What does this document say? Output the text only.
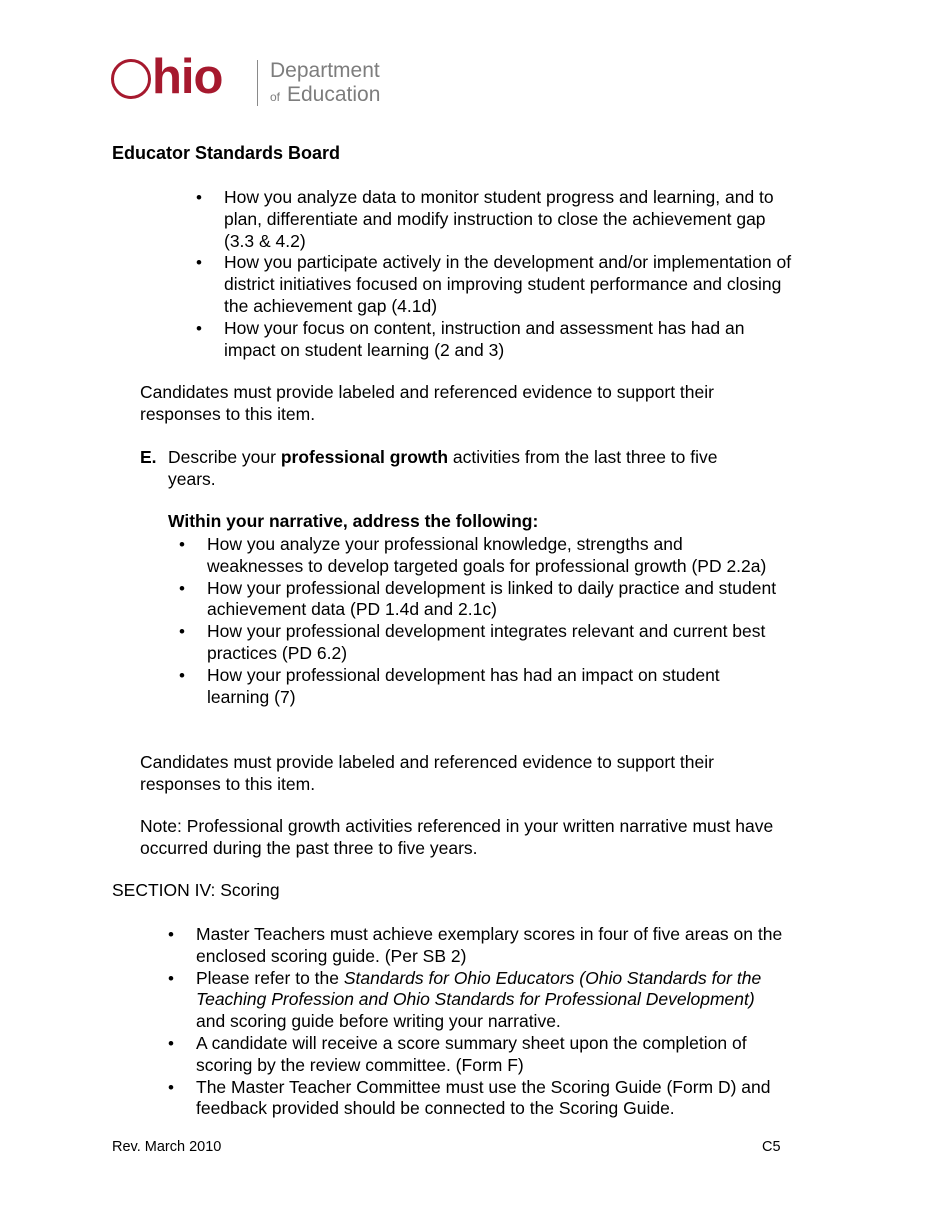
hio Department
of Education
Educator Standards Board
• How you analyze data to monitor student progress and learning, and to plan, differentiate and modify instruction to close the achievement gap (3.3 & 4.2)
• How you participate actively in the development and/or implementation of district initiatives focused on improving student performance and closing the achievement gap (4.1d)
• How your focus on content, instruction and assessment has had an impact on student learning (2 and 3)
Candidates must provide labeled and referenced evidence to support their responses to this item.
E. Describe your professional growth activities from the last three to five years.
Within your narrative, address the following:
• How you analyze your professional knowledge, strengths and weaknesses to develop targeted goals for professional growth (PD 2.2a)
• How your professional development is linked to daily practice and student achievement data (PD 1.4d and 2.1c)
• How your professional development integrates relevant and current best practices (PD 6.2)
• How your professional development has had an impact on student learning (7)
Candidates must provide labeled and referenced evidence to support their responses to this item.
Note: Professional growth activities referenced in your written narrative must have occurred during the past three to five years.
SECTION IV: Scoring
• Master Teachers must achieve exemplary scores in four of five areas on the enclosed scoring guide. (Per SB 2)
• Please refer to the Standards for Ohio Educators (Ohio Standards for the Teaching Profession and Ohio Standards for Professional Development) and scoring guide before writing your narrative.
• A candidate will receive a score summary sheet upon the completion of scoring by the review committee. (Form F)
• The Master Teacher Committee must use the Scoring Guide (Form D) and feedback provided should be connected to the Scoring Guide.
Rev. March 2010	C5
